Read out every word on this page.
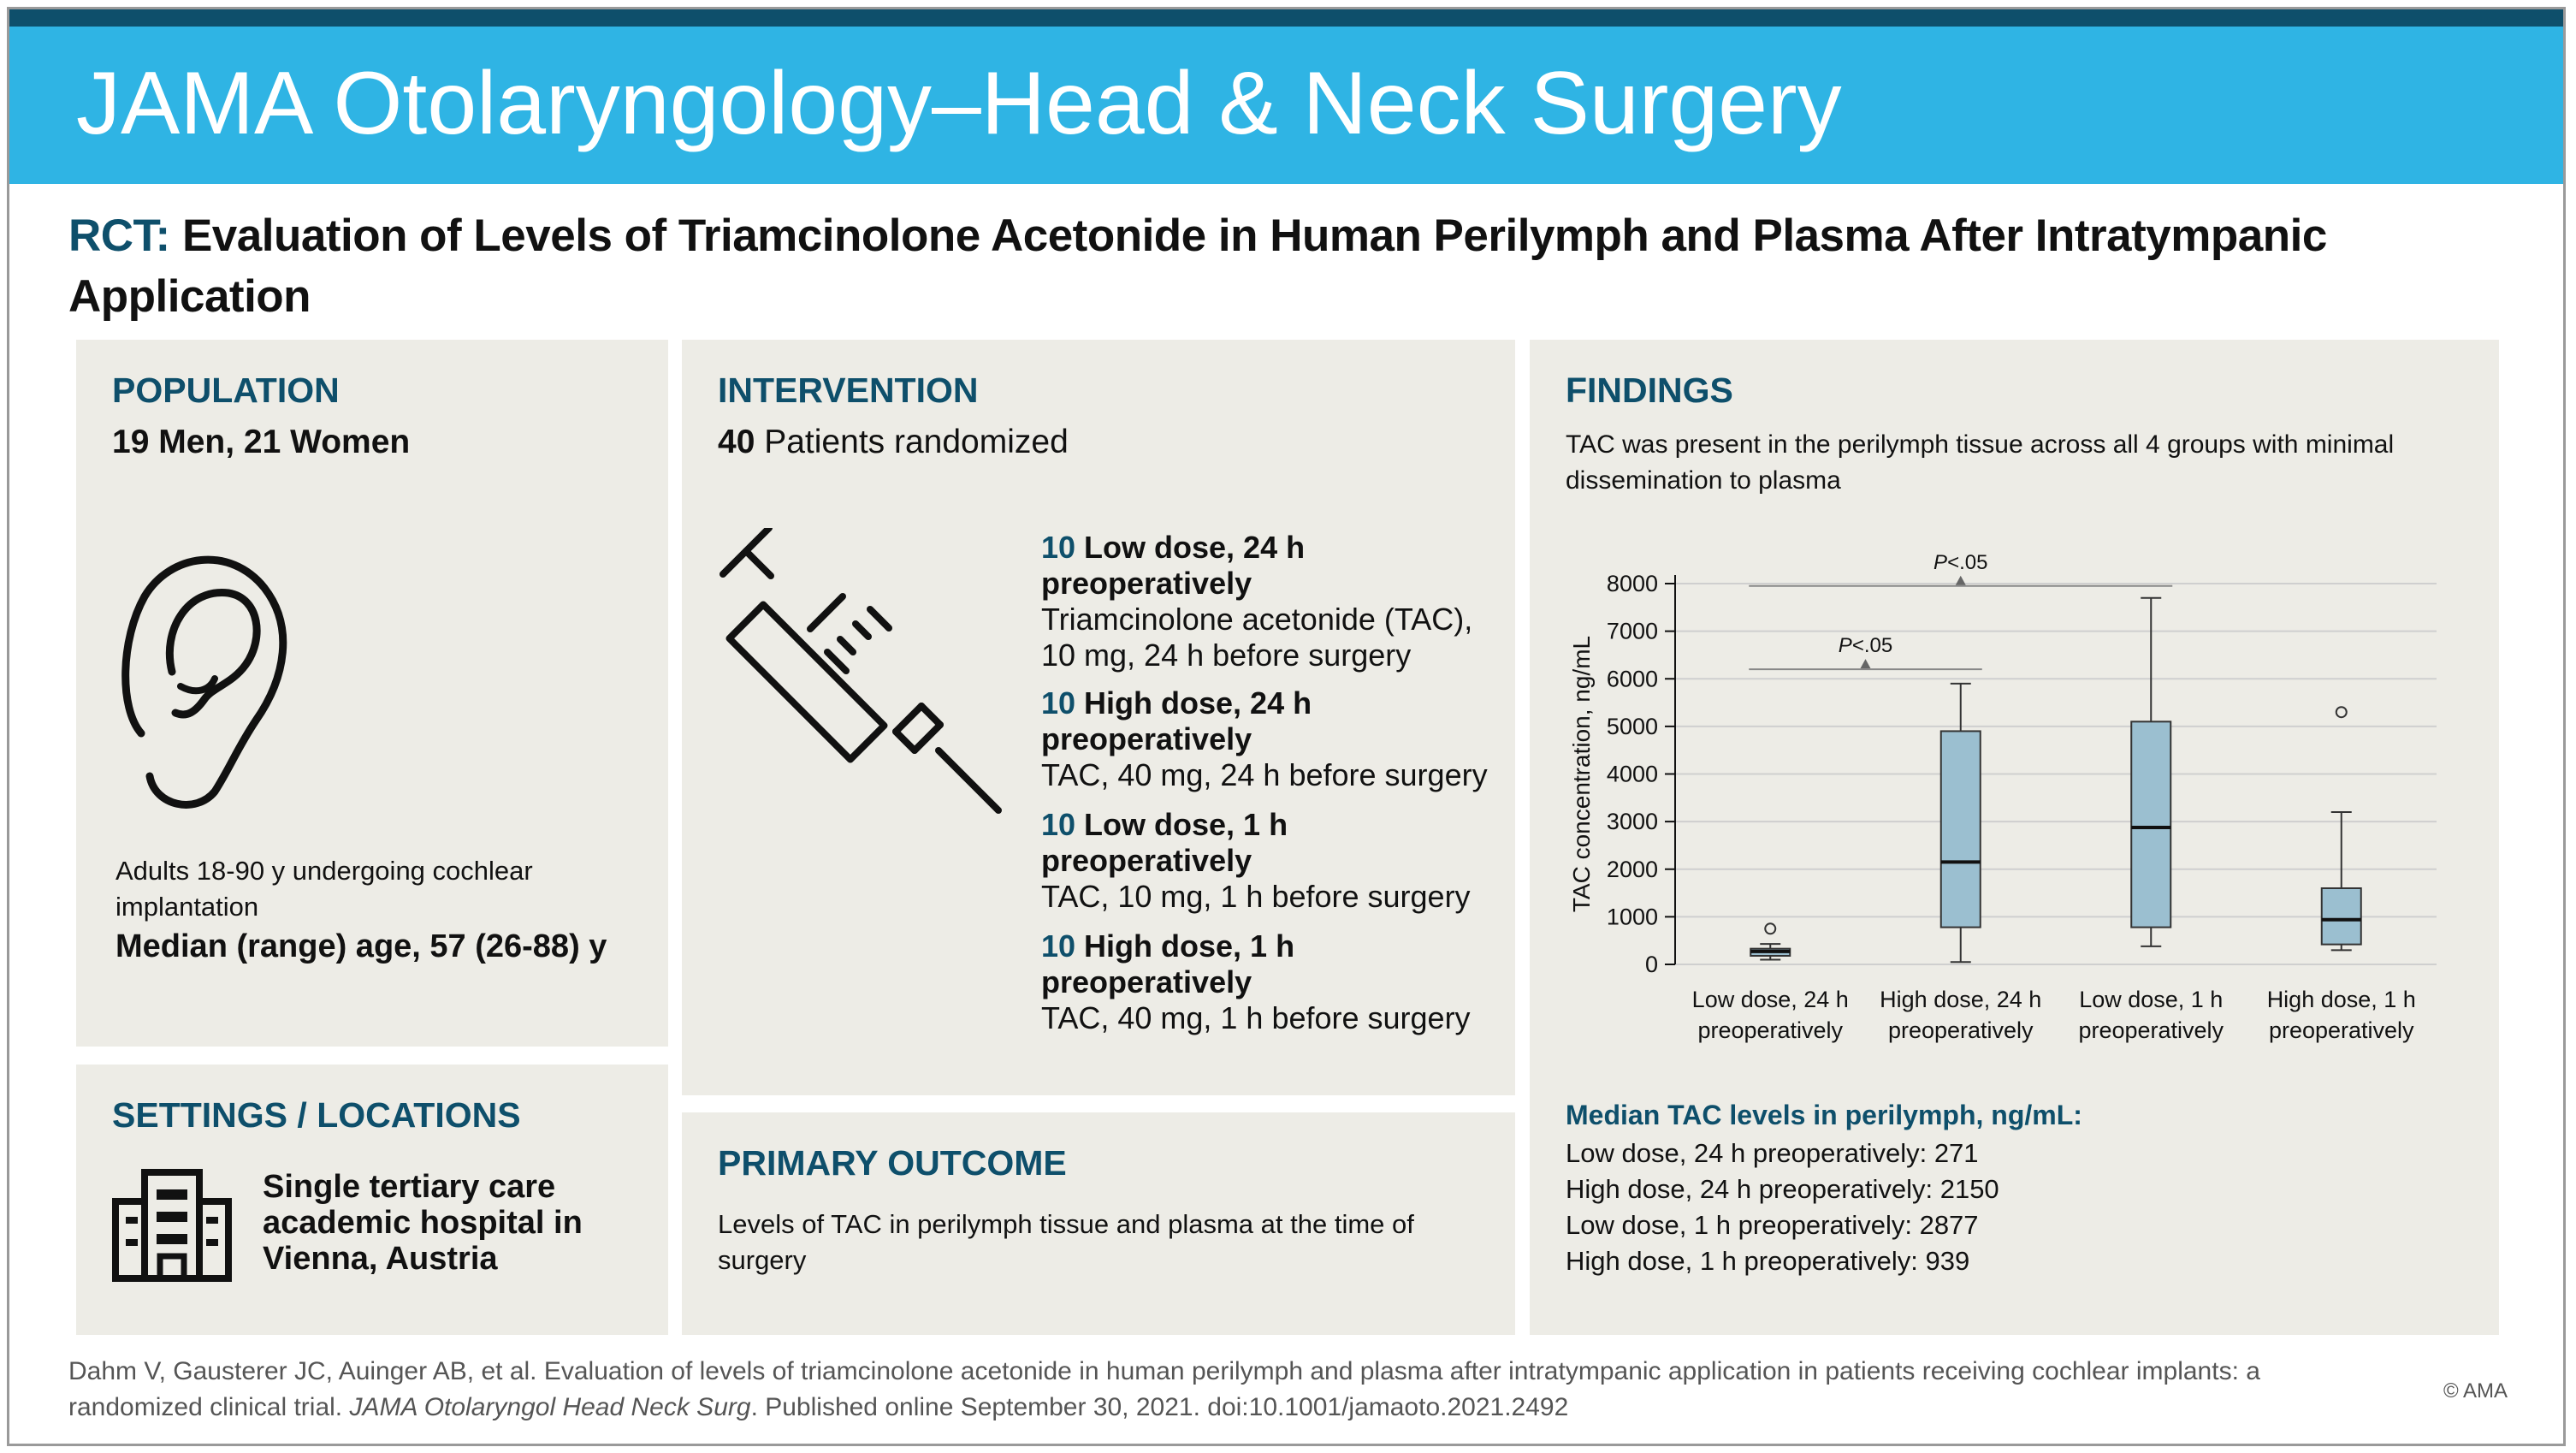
JAMA Otolaryngology–Head & Neck Surgery
RCT: Evaluation of Levels of Triamcinolone Acetonide in Human Perilymph and Plasma After Intratympanic Application
POPULATION
19 Men, 21 Women
Adults 18-90 y undergoing cochlear implantation
Median (range) age, 57 (26-88) y
SETTINGS / LOCATIONS
Single tertiary care academic hospital in Vienna, Austria
INTERVENTION
40 Patients randomized
10 Low dose, 24 h preoperatively
Triamcinolone acetonide (TAC), 10 mg, 24 h before surgery
10 High dose, 24 h preoperatively
TAC, 40 mg, 24 h before surgery
10 Low dose, 1 h preoperatively
TAC, 10 mg, 1 h before surgery
10 High dose, 1 h preoperatively
TAC, 40 mg, 1 h before surgery
PRIMARY OUTCOME
Levels of TAC in perilymph tissue and plasma at the time of surgery
FINDINGS
TAC was present in the perilymph tissue across all 4 groups with minimal dissemination to plasma
0
1000
2000
3000
4000
5000
6000
7000
8000
TAC concentration, ng/mL
Low dose, 24 h
preoperatively
High dose, 24 h
preoperatively
Low dose, 1 h
preoperatively
High dose, 1 h
preoperatively
P<.05
P<.05
Median TAC levels in perilymph, ng/mL:
Low dose, 24 h preoperatively: 271
High dose, 24 h preoperatively: 2150
Low dose, 1 h preoperatively: 2877
High dose, 1 h preoperatively: 939
Dahm V, Gausterer JC, Auinger AB, et al. Evaluation of levels of triamcinolone acetonide in human perilymph and plasma after intratympanic application in patients receiving cochlear implants: a randomized clinical trial. JAMA Otolaryngol Head Neck Surg. Published online September 30, 2021. doi:10.1001/jamaoto.2021.2492
© AMA
